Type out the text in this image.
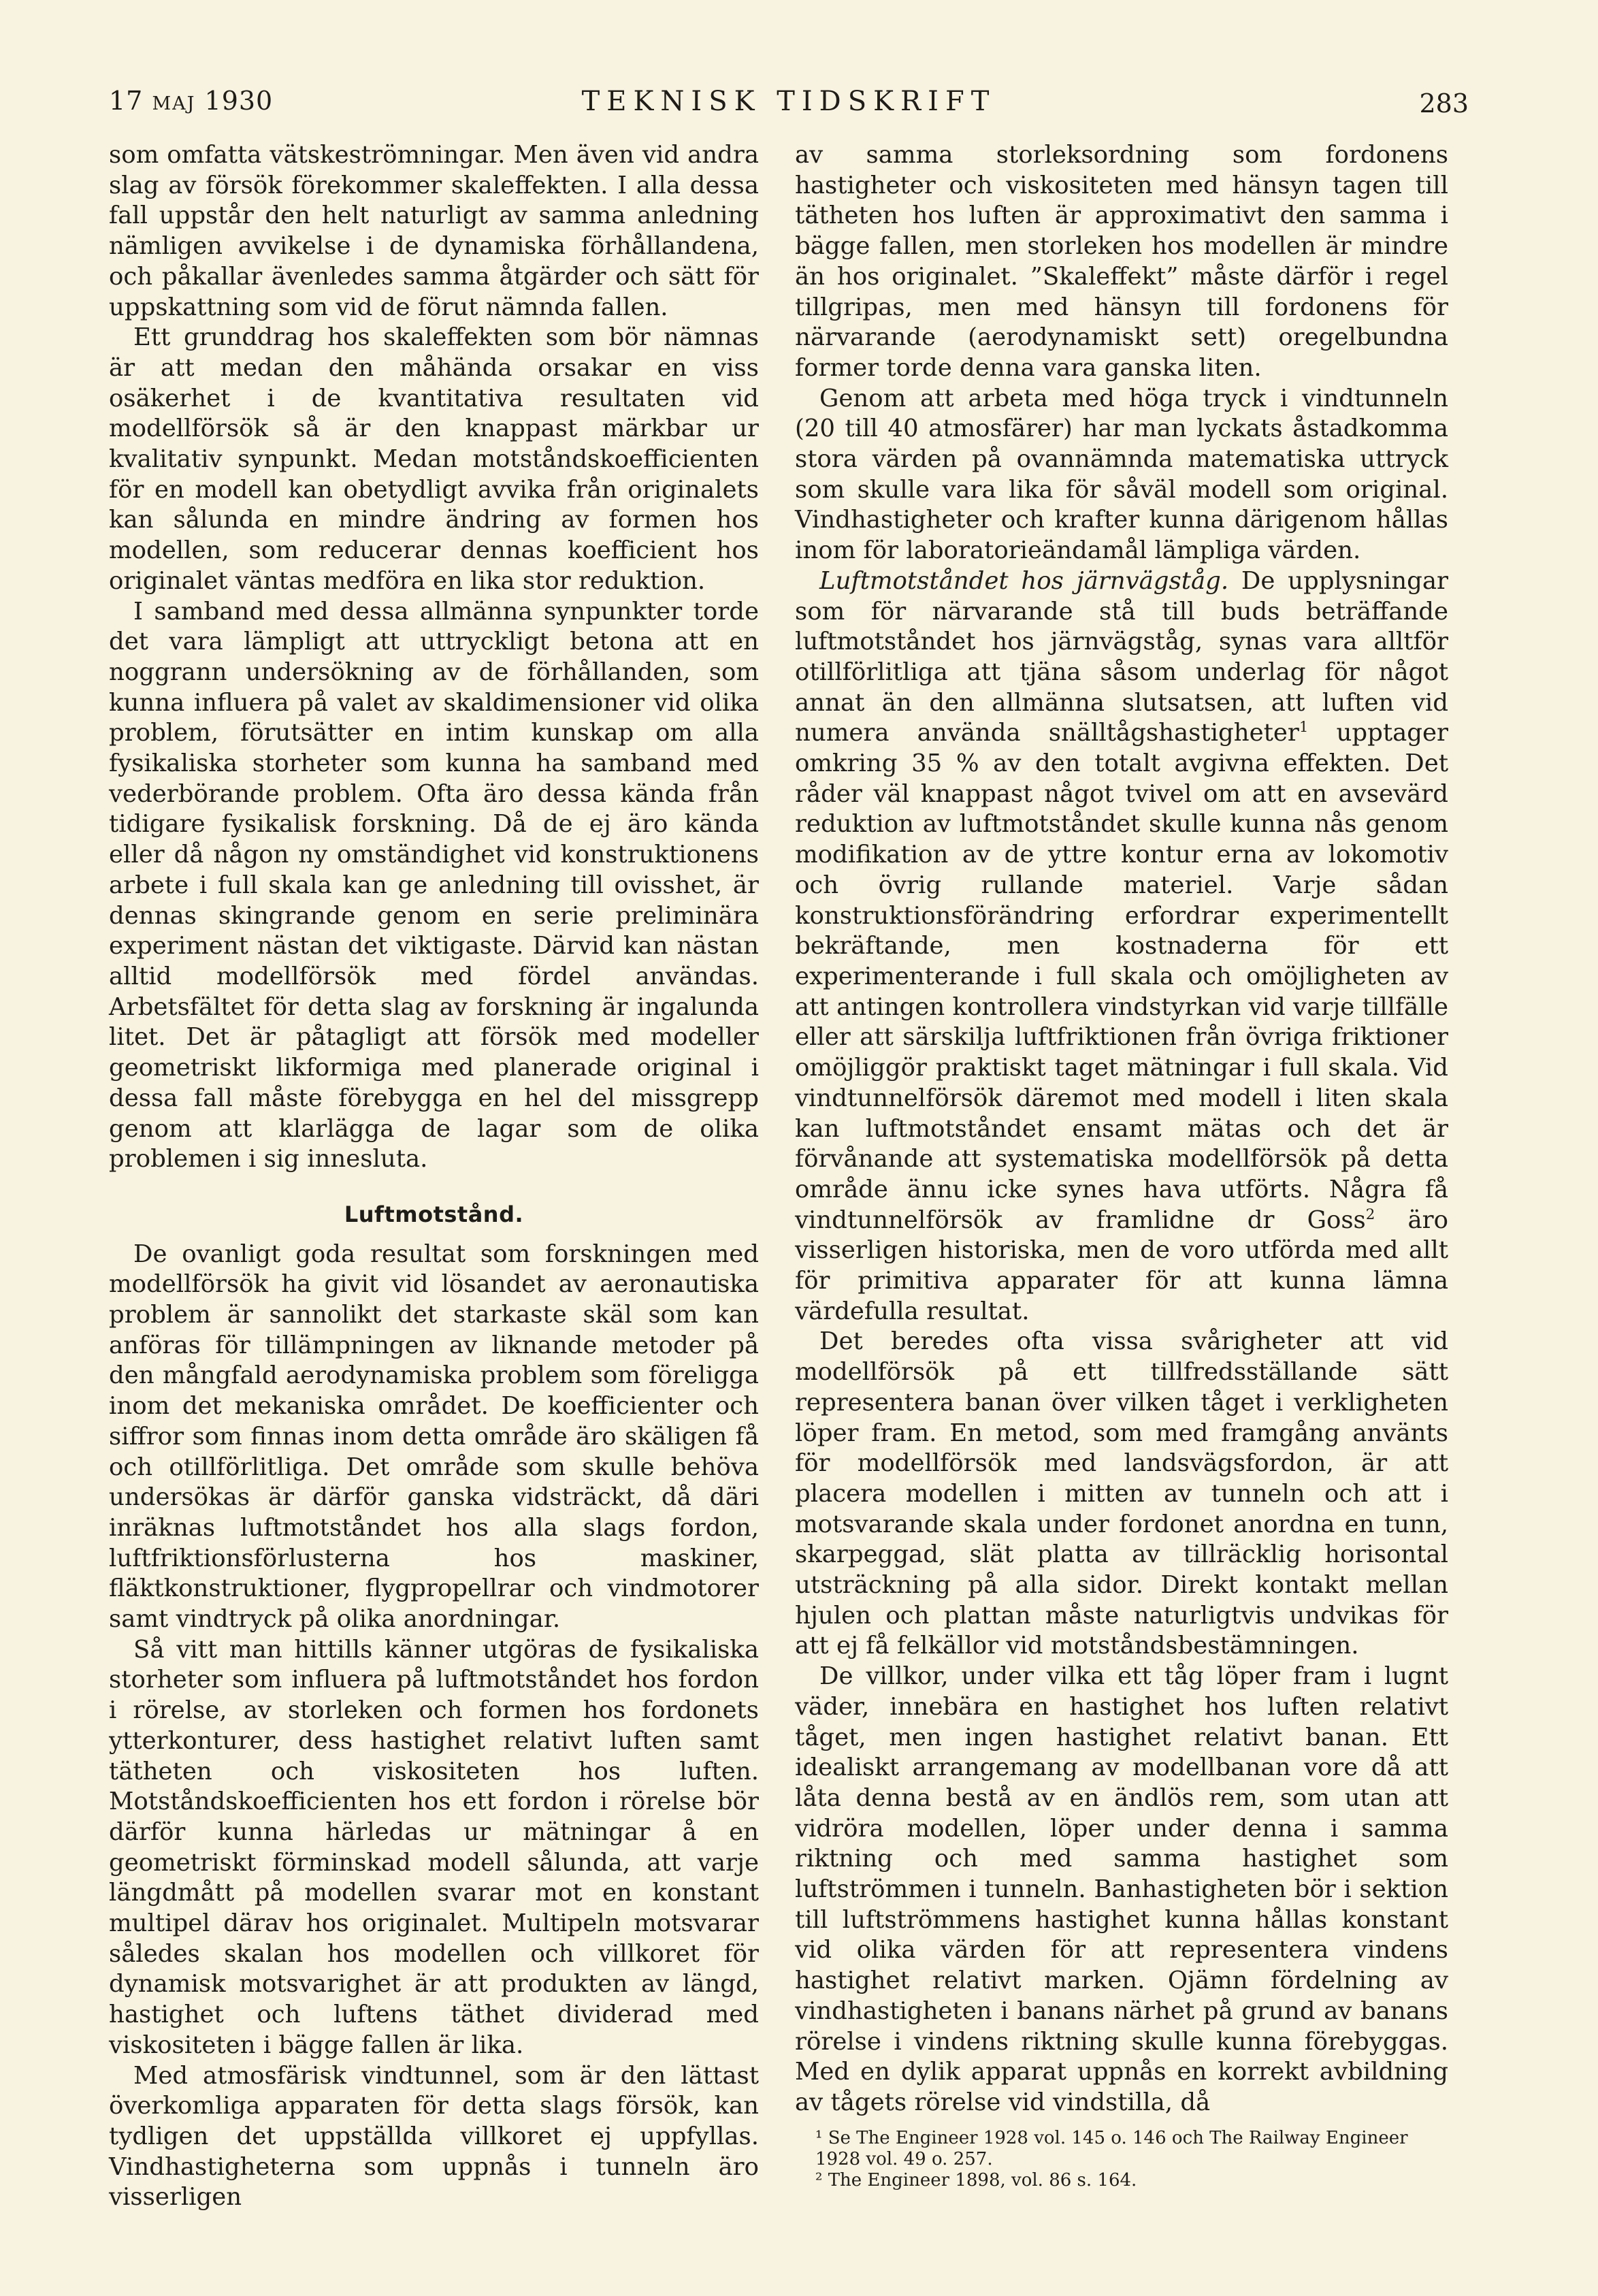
17 MAJ 1930	TEKNISK TIDSKRIFT	283

som omfatta vätskeströmningar. Men även vid andra slag av försök förekommer skaleffekten. I alla dessa fall uppstår den helt naturligt av samma anledning nämligen avvikelse i de dynamiska förhållandena, och påkallar ävenledes samma åtgärder och sätt för uppskattning som vid de förut nämnda fallen.

Ett grunddrag hos skaleffekten som bör nämnas är att medan den måhända orsakar en viss osäkerhet i de kvantitativa resultaten vid modellförsök så är den knappast märkbar ur kvalitativ synpunkt. Medan motståndskoefficienten för en modell kan obetydligt avvika från originalets kan sålunda en mindre ändring av formen hos modellen, som reducerar dennas koefficient hos originalet väntas medföra en lika stor reduktion.

I samband med dessa allmänna synpunkter torde det vara lämpligt att uttryckligt betona att en noggrann undersökning av de förhållanden, som kunna influera på valet av skaldimensioner vid olika problem, förutsätter en intim kunskap om alla fysikaliska storheter som kunna ha samband med vederbörande problem. Ofta äro dessa kända från tidigare fysikalisk forskning. Då de ej äro kända eller då någon ny omständighet vid konstruktionens arbete i full skala kan ge anledning till ovisshet, är dennas skingrande genom en serie preliminära experiment nästan det viktigaste. Därvid kan nästan alltid modellförsök med fördel användas. Arbetsfältet för detta slag av forskning är ingalunda litet. Det är påtagligt att försök med modeller geometriskt likformiga med planerade original i dessa fall måste förebygga en hel del missgrepp genom att klarlägga de lagar som de olika problemen i sig innesluta.

Luftmotstånd.

De ovanligt goda resultat som forskningen med modellförsök ha givit vid lösandet av aeronautiska problem är sannolikt det starkaste skäl som kan anföras för tillämpningen av liknande metoder på den mångfald aerodynamiska problem som föreligga inom det mekaniska området. De koefficienter och siffror som finnas inom detta område äro skäligen få och otillförlitliga. Det område som skulle behöva undersökas är därför ganska vidsträckt, då däri inräknas luftmotståndet hos alla slags fordon, luftfriktionsförlusterna hos maskiner, fläktkonstruktioner, flygpropellrar och vindmotorer samt vindtryck på olika anordningar.

Så vitt man hittills känner utgöras de fysikaliska storheter som influera på luftmotståndet hos fordon i rörelse, av storleken och formen hos fordonets ytterkonturer, dess hastighet relativt luften samt tätheten och viskositeten hos luften. Motståndskoefficienten hos ett fordon i rörelse bör därför kunna härledas ur mätningar å en geometriskt förminskad modell sålunda, att varje längdmått på modellen svarar mot en konstant multipel därav hos originalet. Multipeln motsvarar således skalan hos modellen och villkoret för dynamisk motsvarighet är att produkten av längd, hastighet och luftens täthet dividerad med viskositeten i bägge fallen är lika.

Med atmosfärisk vindtunnel, som är den lättast överkomliga apparaten för detta slags försök, kan tydligen det uppställda villkoret ej uppfyllas. Vindhastigheterna som uppnås i tunneln äro visserligen

av samma storleksordning som fordonens hastigheter och viskositeten med hänsyn tagen till tätheten hos luften är approximativt den samma i bägge fallen, men storleken hos modellen är mindre än hos originalet. ”Skaleffekt” måste därför i regel tillgripas, men med hänsyn till fordonens för närvarande (aerodynamiskt sett) oregelbundna former torde denna vara ganska liten.

Genom att arbeta med höga tryck i vindtunneln (20 till 40 atmosfärer) har man lyckats åstadkomma stora värden på ovannämnda matematiska uttryck som skulle vara lika för såväl modell som original. Vindhastigheter och krafter kunna därigenom hållas inom för laboratorieändamål lämpliga värden.

Luftmotståndet hos järnvägståg. De upplysningar som för närvarande stå till buds beträffande luftmotståndet hos järnvägståg, synas vara alltför otillförlitliga att tjäna såsom underlag för något annat än den allmänna slutsatsen, att luften vid numera använda snälltågshastigheter$^1$ upptager omkring 35 % av den totalt avgivna effekten. Det råder väl knappast något tvivel om att en avsevärd reduktion av luftmotståndet skulle kunna nås genom modifikation av de yttre kontur erna av lokomotiv och övrig rullande materiel. Varje sådan konstruktionsförändring erfordrar experimentellt bekräftande, men kostnaderna för ett experimenterande i full skala och omöjligheten av att antingen kontrollera vindstyrkan vid varje tillfälle eller att särskilja luftfriktionen från övriga friktioner omöjliggör praktiskt taget mätningar i full skala. Vid vindtunnelförsök däremot med modell i liten skala kan luftmotståndet ensamt mätas och det är förvånande att systematiska modellförsök på detta område ännu icke synes hava utförts. Några få vindtunnelförsök av framlidne dr Goss$^2$ äro visserligen historiska, men de voro utförda med allt för primitiva apparater för att kunna lämna värdefulla resultat.

Det beredes ofta vissa svårigheter att vid modellförsök på ett tillfredsställande sätt representera banan över vilken tåget i verkligheten löper fram. En metod, som med framgång använts för modellförsök med landsvägsfordon, är att placera modellen i mitten av tunneln och att i motsvarande skala under fordonet anordna en tunn, skarpeggad, slät platta av tillräcklig horisontal utsträckning på alla sidor. Direkt kontakt mellan hjulen och plattan måste naturligtvis undvikas för att ej få felkällor vid motståndsbestämningen.

De villkor, under vilka ett tåg löper fram i lugnt väder, innebära en hastighet hos luften relativt tåget, men ingen hastighet relativt banan. Ett idealiskt arrangemang av modellbanan vore då att låta denna bestå av en ändlös rem, som utan att vidröra modellen, löper under denna i samma riktning och med samma hastighet som luftströmmen i tunneln. Banhastigheten bör i sektion till luftströmmens hastighet kunna hållas konstant vid olika värden för att representera vindens hastighet relativt marken. Ojämn fördelning av vindhastigheten i banans närhet på grund av banans rörelse i vindens riktning skulle kunna förebyggas. Med en dylik apparat uppnås en korrekt avbildning av tågets rörelse vid vindstilla, då

¹ Se The Engineer 1928 vol. 145 o. 146 och The Railway Engineer 1928 vol. 49 o. 257.

² The Engineer 1898, vol. 86 s. 164.
